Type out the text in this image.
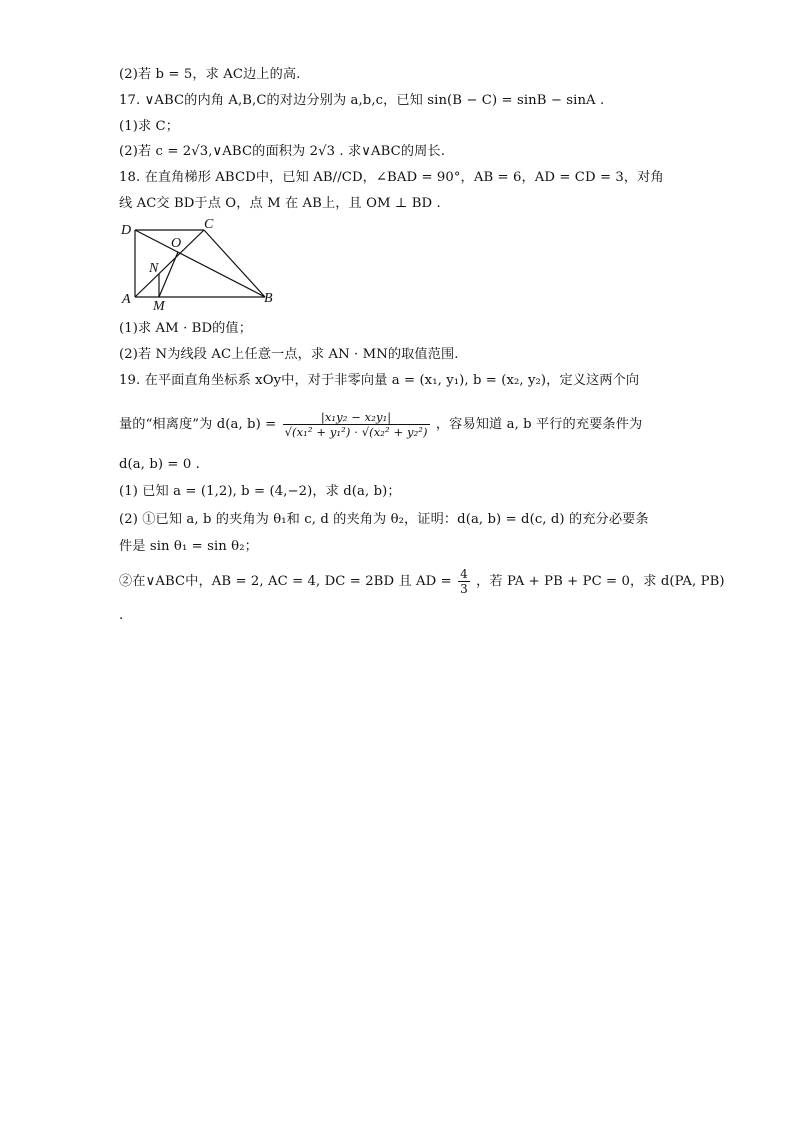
(2)若 b = 5，求 AC边上的高.
17. ∨ABC的内角 A,B,C的对边分别为 a,b,c，已知 sin(B − C) = sinB − sinA .
(1)求 C；
(2)若 c = 2√3,∨ABC的面积为 2√3 . 求∨ABC的周长.
18. 在直角梯形 ABCD中，已知 AB//CD，∠BAD = 90°，AB = 6，AD = CD = 3，对角
线 AC交 BD于点 O，点 M 在 AB上，且 OM ⊥ BD .
D	C
O
N
A M
B
(1)求 AM · BD的值；
(2)若 N为线段 AC上任意一点，求 AN · MN的取值范围.
19. 在平面直角坐标系 xOy中，对于非零向量 a = (x₁, y₁), b = (x₂, y₂)，定义这两个向
量的“相离度”为 d(a, $b) = \frac{\text{|x₁y₂ − x₂y₁|}}{\text{√(x₁² + y₁²) · √(x₂² + y₂²)}}$ ，容易知道 a, b 平行的充要条件为
d(a, b) = 0 .
(1) 已知 a = (1,2), b = (4,−2)，求 d(a, b)；
(2) ①已知 a, b 的夹角为 θ₁和 c, d 的夹角为 θ₂，证明：d(a, b) = d(c, d) 的充分必要条
件是 sin θ₁ = sin θ₂；
②在∨ABC中，AB = 2, AC = 4, DC = 2BD 且 AD = $\frac{4}{3}$ ，若 PA + PB + PC = 0，求 d(PA, PB)
.
